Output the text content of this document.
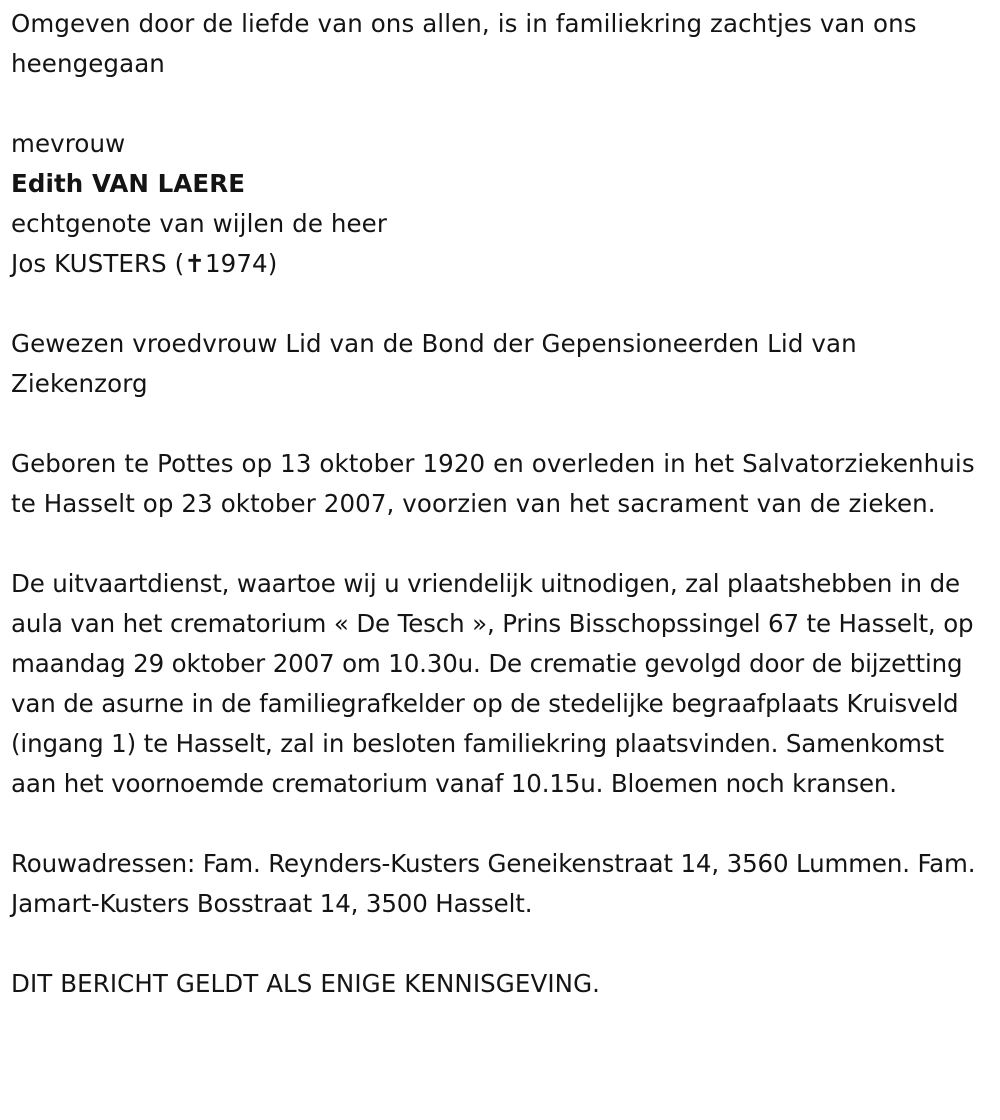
Omgeven door de liefde van ons allen, is in familiekring zachtjes van ons heengegaan

mevrouw

Edith VAN LAERE

echtgenote van wijlen de heer

Jos KUSTERS (✝1974)

Gewezen vroedvrouw Lid van de Bond der Gepensioneerden Lid van Ziekenzorg

Geboren te Pottes op 13 oktober 1920 en overleden in het Salvatorziekenhuis te Hasselt op 23 oktober 2007, voorzien van het sacrament van de zieken.

De uitvaartdienst, waartoe wij u vriendelijk uitnodigen, zal plaatshebben in de aula van het crematorium « De Tesch », Prins Bisschopssingel 67 te Hasselt, op maandag 29 oktober 2007 om 10.30u. De crematie gevolgd door de bijzetting van de asurne in de familiegrafkelder op de stedelijke begraafplaats Kruisveld (ingang 1) te Hasselt, zal in besloten familiekring plaatsvinden. Samenkomst aan het voornoemde crematorium vanaf 10.15u. Bloemen noch kransen.

Rouwadressen: Fam. Reynders-Kusters Geneikenstraat 14, 3560 Lummen. Fam. Jamart-Kusters Bosstraat 14, 3500 Hasselt.

DIT BERICHT GELDT ALS ENIGE KENNISGEVING.
